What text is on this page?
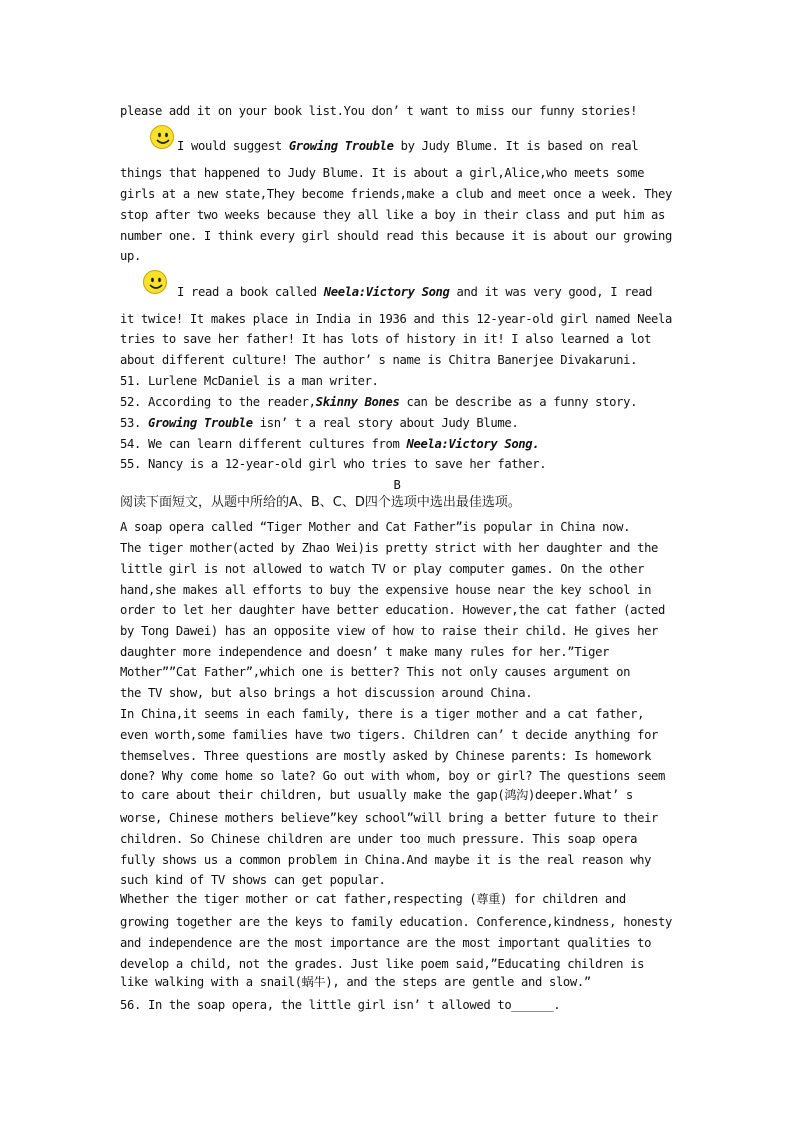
please add it on your book list.You don’ t want to miss our funny stories!
I would suggest Growing Trouble by Judy Blume. It is based on real
things that happened to Judy Blume. It is about a girl,Alice,who meets some
girls at a new state,They become friends,make a club and meet once a week. They
stop after two weeks because they all like a boy in their class and put him as
number one. I think every girl should read this because it is about our growing
up.
I read a book called Neela:Victory Song and it was very good, I read
it twice! It makes place in India in 1936 and this 12-year-old girl named Neela
tries to save her father! It has lots of history in it! I also learned a lot
about different culture! The author’ s name is Chitra Banerjee Divakaruni.
51. Lurlene McDaniel is a man writer.
52. According to the reader,Skinny Bones can be describe as a funny story.
53. Growing Trouble isn’ t a real story about Judy Blume.
54. We can learn different cultures from Neela:Victory Song.
55. Nancy is a 12-year-old girl who tries to save her father.
B
阅读下面短文，从题中所给的A、B、C、D四个选项中选出最佳选项。
A soap opera called “Tiger Mother and Cat Father”is popular in China now.
The tiger mother(acted by Zhao Wei)is pretty strict with her daughter and the
little girl is not allowed to watch TV or play computer games. On the other
hand,she makes all efforts to buy the expensive house near the key school in
order to let her daughter have better education. However,the cat father (acted
by Tong Dawei) has an opposite view of how to raise their child. He gives her
daughter more independence and doesn’ t make many rules for her.”Tiger
Mother””Cat Father”,which one is better? This not only causes argument on
the TV show, but also brings a hot discussion around China.
In China,it seems in each family, there is a tiger mother and a cat father,
even worth,some families have two tigers. Children can’ t decide anything for
themselves. Three questions are mostly asked by Chinese parents: Is homework
done? Why come home so late? Go out with whom, boy or girl? The questions seem
to care about their children, but usually make the gap(鸿沟)deeper.What’ s
worse, Chinese mothers believe”key school”will bring a better future to their
children. So Chinese children are under too much pressure. This soap opera
fully shows us a common problem in China.And maybe it is the real reason why
such kind of TV shows can get popular.
Whether the tiger mother or cat father,respecting (尊重) for children and
growing together are the keys to family education. Conference,kindness, honesty
and independence are the most importance are the most important qualities to
develop a child, not the grades. Just like poem said,”Educating children is
like walking with a snail(蜗牛), and the steps are gentle and slow.”
56. In the soap opera, the little girl isn’ t allowed to______.
